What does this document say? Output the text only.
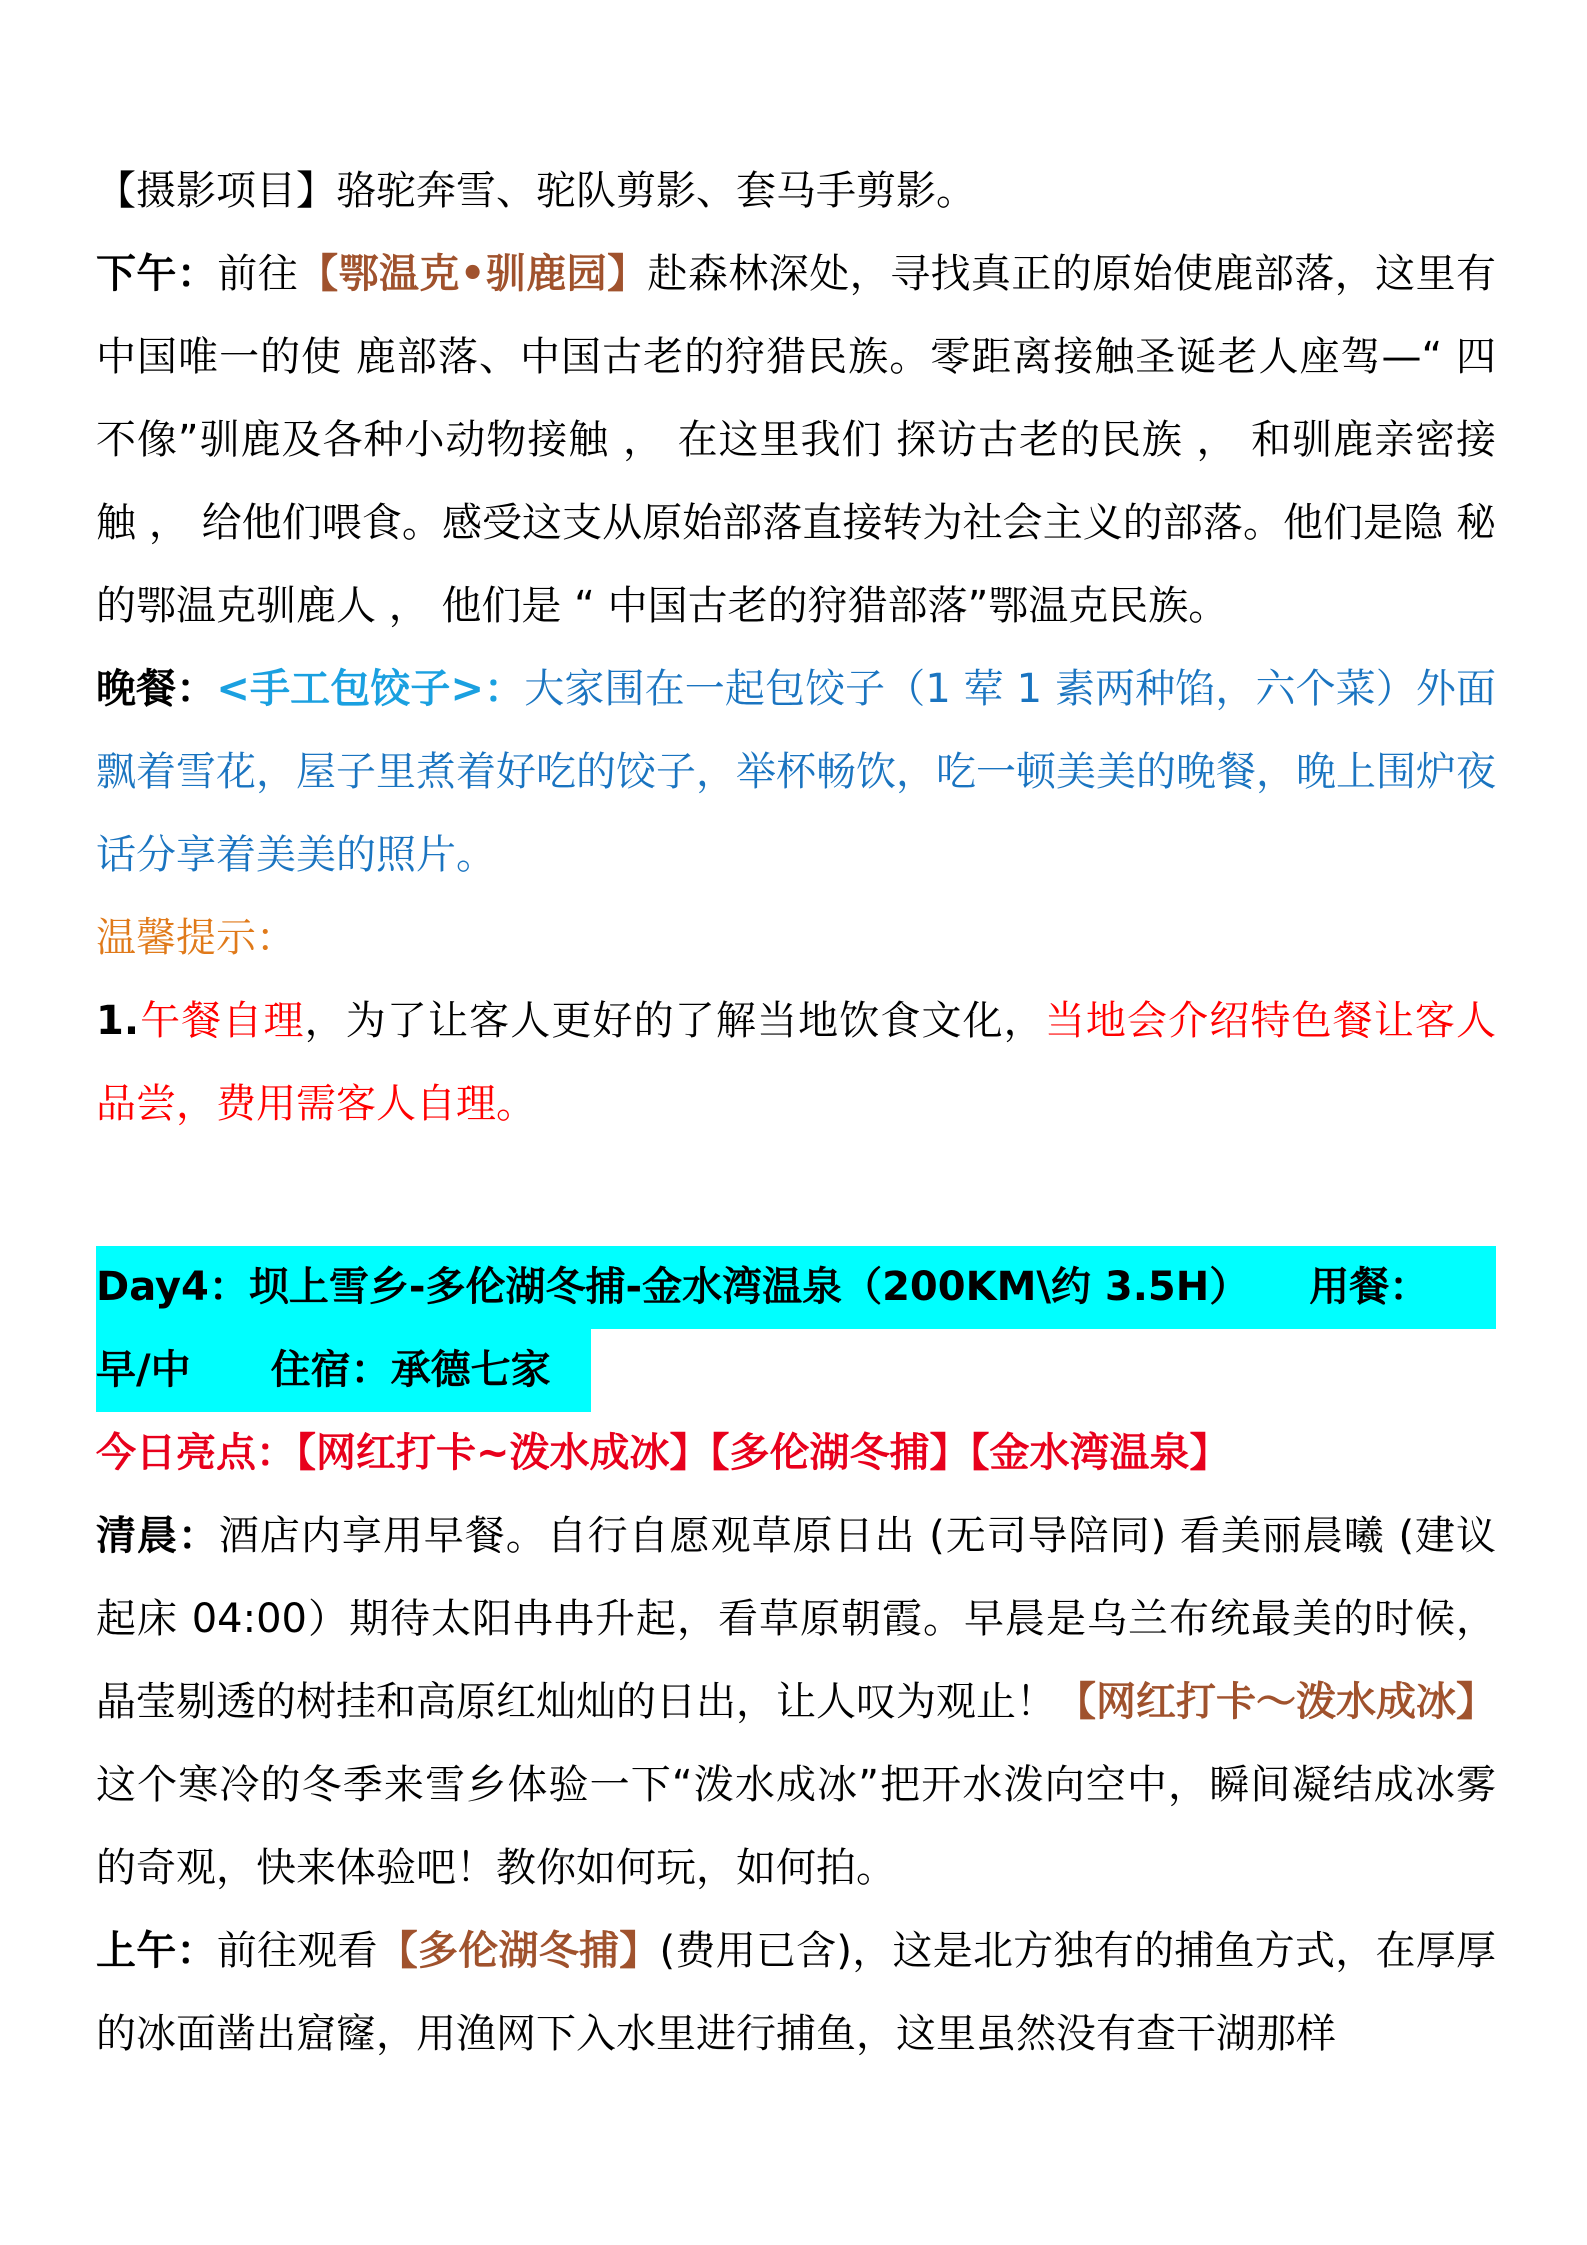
【摄影项目】骆驼奔雪、驼队剪影、套马手剪影。

下午：前往【鄂温克•驯鹿园】赴森林深处，寻找真正的原始使鹿部落，这里有中国唯一的使 鹿部落、中国古老的狩猎民族。零距离接触圣诞老人座驾—“ 四不像”驯鹿及各种小动物接触 ， 在这里我们 探访古老的民族 ， 和驯鹿亲密接触 ， 给他们喂食。感受这支从原始部落直接转为社会主义的部落。他们是隐 秘的鄂温克驯鹿人 ， 他们是 “ 中国古老的狩猎部落”鄂温克民族。

晚餐：<手工包饺子>：大家围在一起包饺子（1 荤 1 素两种馅，六个菜）外面飘着雪花，屋子里煮着好吃的饺子，举杯畅饮，吃一顿美美的晚餐，晚上围炉夜话分享着美美的照片。

温馨提示：

1.午餐自理，为了让客人更好的了解当地饮食文化，当地会介绍特色餐让客人品尝，费用需客人自理。

Day4：坝上雪乡-多伦湖冬捕-金水湾温泉（200KM\约 3.5H）　　用餐：
早/中　　住宿：承德七家

今日亮点：【网红打卡~泼水成冰】【多伦湖冬捕】【金水湾温泉】

清晨：酒店内享用早餐。自行自愿观草原日出 (无司导陪同) 看美丽晨曦 (建议起床 04:00）期待太阳冉冉升起，看草原朝霞。早晨是乌兰布统最美的时候，晶莹剔透的树挂和高原红灿灿的日出，让人叹为观止！【网红打卡～泼水成冰】这个寒冷的冬季来雪乡体验一下“泼水成冰”把开水泼向空中，瞬间凝结成冰雾的奇观，快来体验吧！教你如何玩，如何拍。

上午：前往观看【多伦湖冬捕】(费用已含)，这是北方独有的捕鱼方式，在厚厚的冰面凿出窟窿，用渔网下入水里进行捕鱼，这里虽然没有查干湖那样
